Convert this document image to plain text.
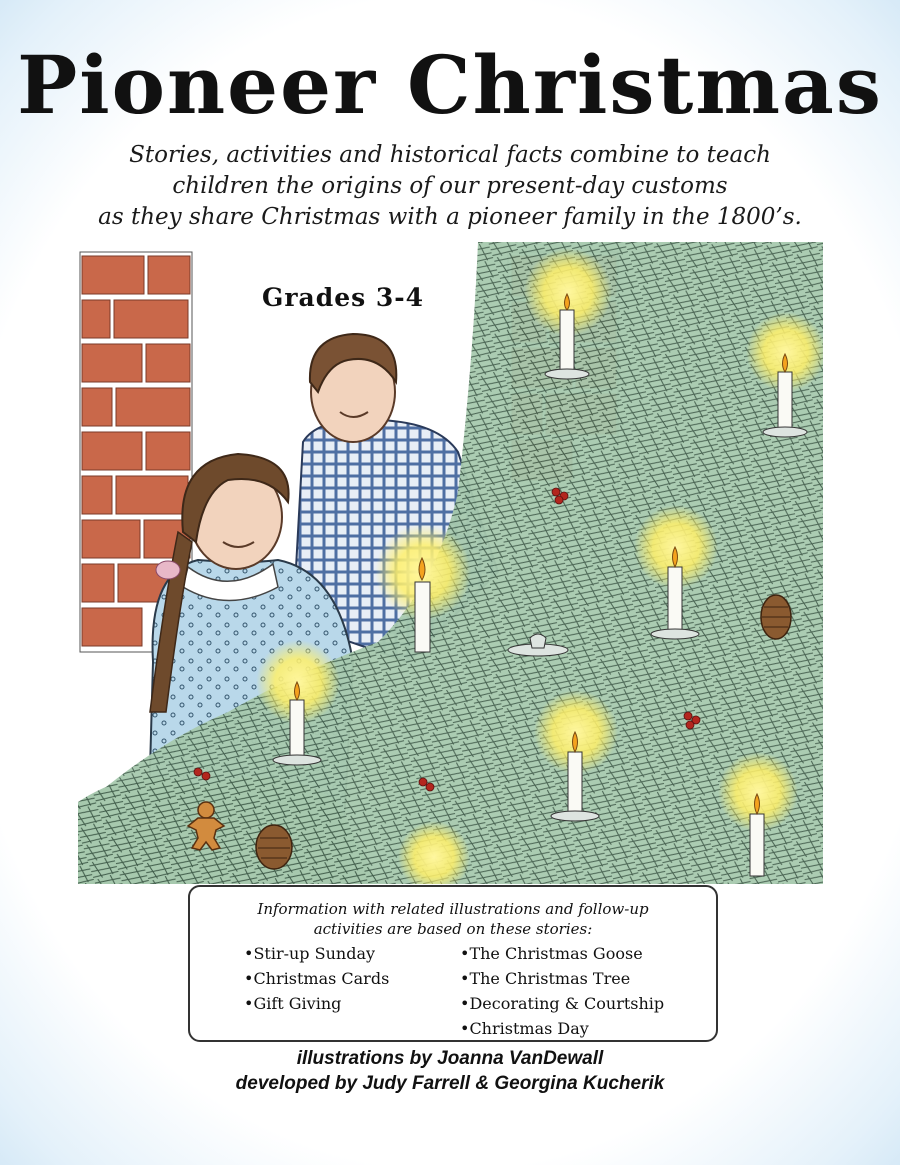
Pioneer Christmas
Stories, activities and historical facts combine to teach
children the origins of our present-day customs
as they share Christmas with a pioneer family in the 1800’s.
Grades 3-4
Information with related illustrations and follow-up
activities are based on these stories:
• Stir-up Sunday
• Christmas Cards
• Gift Giving
• The Christmas Goose
• The Christmas Tree
• Decorating & Courtship
• Christmas Day
illustrations by Joanna VanDewall
developed by Judy Farrell & Georgina Kucherik
